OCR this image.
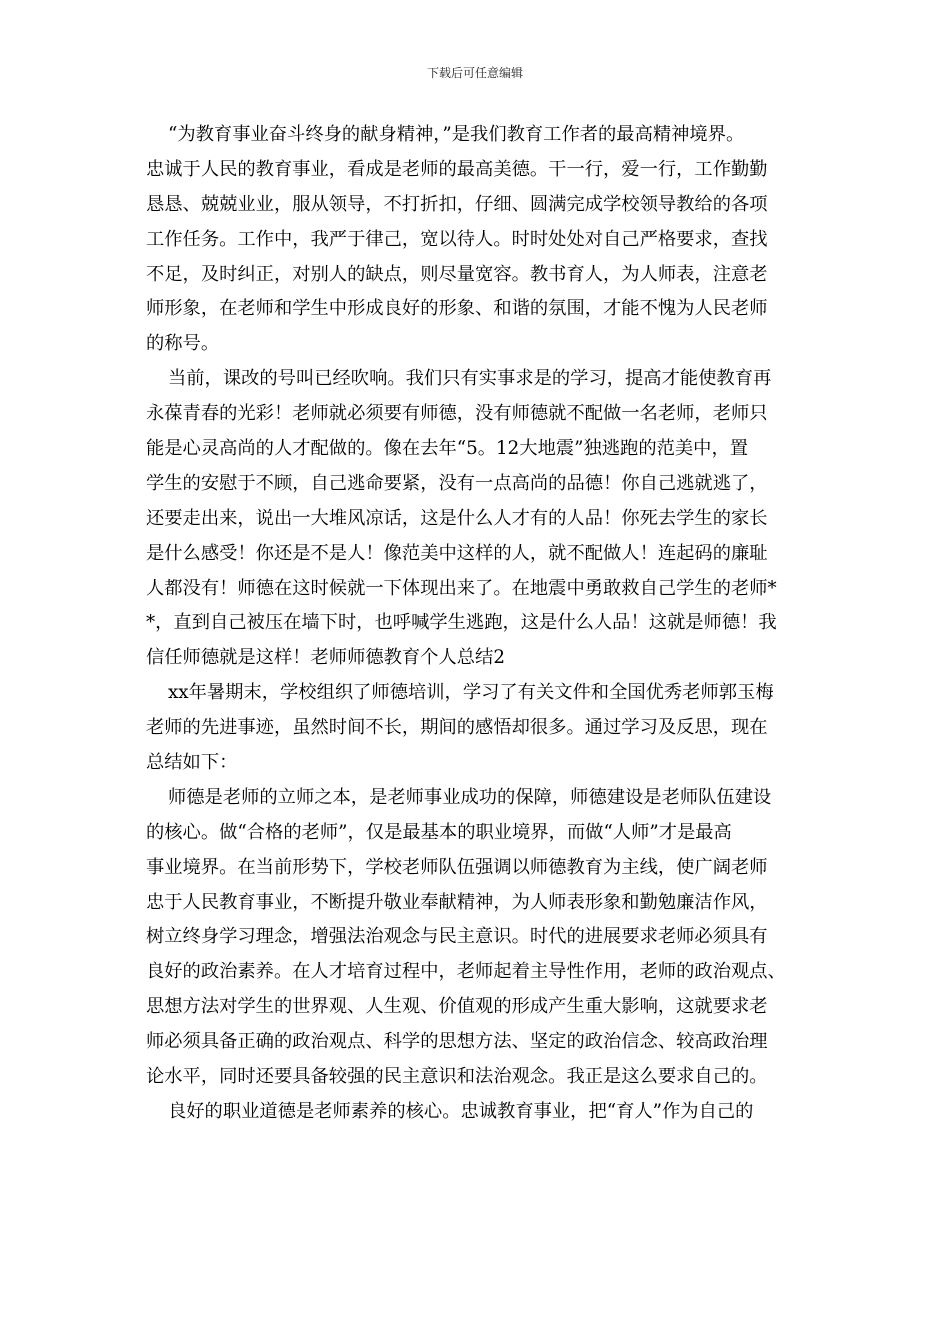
下载后可任意编辑
“为教育事业奋斗终身的献身精神，”是我们教育工作者的最高精神境界。
忠诚于人民的教育事业，看成是老师的最高美德。干一行，爱一行，工作勤勤
恳恳、兢兢业业，服从领导，不打折扣，仔细、圆满完成学校领导教给的各项
工作任务。工作中，我严于律己，宽以待人。时时处处对自己严格要求，查找
不足，及时纠正，对别人的缺点，则尽量宽容。教书育人，为人师表，注意老
师形象，在老师和学生中形成良好的形象、和谐的氛围，才能不愧为人民老师
的称号。
当前，课改的号叫已经吹响。我们只有实事求是的学习，提高才能使教育再
永葆青春的光彩！老师就必须要有师德，没有师德就不配做一名老师，老师只
能是心灵高尚的人才配做的。像在去年“5。12大地震”独逃跑的范美中，置
学生的安慰于不顾，自己逃命要紧，没有一点高尚的品德！你自己逃就逃了，
还要走出来，说出一大堆风凉话，这是什么人才有的人品！你死去学生的家长
是什么感受！你还是不是人！像范美中这样的人，就不配做人！连起码的廉耻
人都没有！师德在这时候就一下体现出来了。在地震中勇敢救自己学生的老师*
*，直到自己被压在墙下时，也呼喊学生逃跑，这是什么人品！这就是师德！我
信任师德就是这样！老师师德教育个人总结2
xx年暑期末，学校组织了师德培训，学习了有关文件和全国优秀老师郭玉梅
老师的先进事迹，虽然时间不长，期间的感悟却很多。通过学习及反思，现在
总结如下：
师德是老师的立师之本，是老师事业成功的保障，师德建设是老师队伍建设
的核心。做“合格的老师”，仅是最基本的职业境界，而做“人师”才是最高
事业境界。在当前形势下，学校老师队伍强调以师德教育为主线，使广阔老师
忠于人民教育事业，不断提升敬业奉献精神，为人师表形象和勤勉廉洁作风，
树立终身学习理念，增强法治观念与民主意识。时代的进展要求老师必须具有
良好的政治素养。在人才培育过程中，老师起着主导性作用，老师的政治观点、
思想方法对学生的世界观、人生观、价值观的形成产生重大影响，这就要求老
师必须具备正确的政治观点、科学的思想方法、坚定的政治信念、较高政治理
论水平，同时还要具备较强的民主意识和法治观念。我正是这么要求自己的。
良好的职业道德是老师素养的核心。忠诚教育事业，把“育人”作为自己的
